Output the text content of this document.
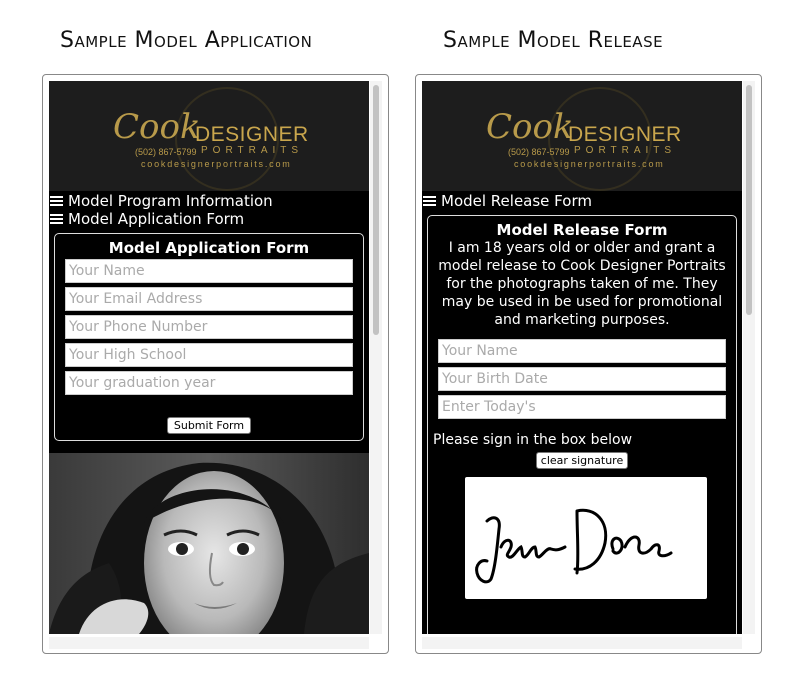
Sample Model Application	Sample Model Release
Cook
DESIGNER
(502) 867-5799 PORTRAITS
cookdesignerportraits.com
Model Program Information
Model Application Form
Model Application Form
Your Name
Your Email Address
Your Phone Number
Your High School
Your graduation year
Submit Form
Cook
DESIGNER
(502) 867-5799 PORTRAITS
cookdesignerportraits.com
Model Release Form
Model Release Form
I am 18 years old or older and grant a model release to Cook Designer Portraits for the photographs taken of me. They may be used in be used for promotional and marketing purposes.
Your Name
Your Birth Date
Enter Today's
Please sign in the box below
clear signature
